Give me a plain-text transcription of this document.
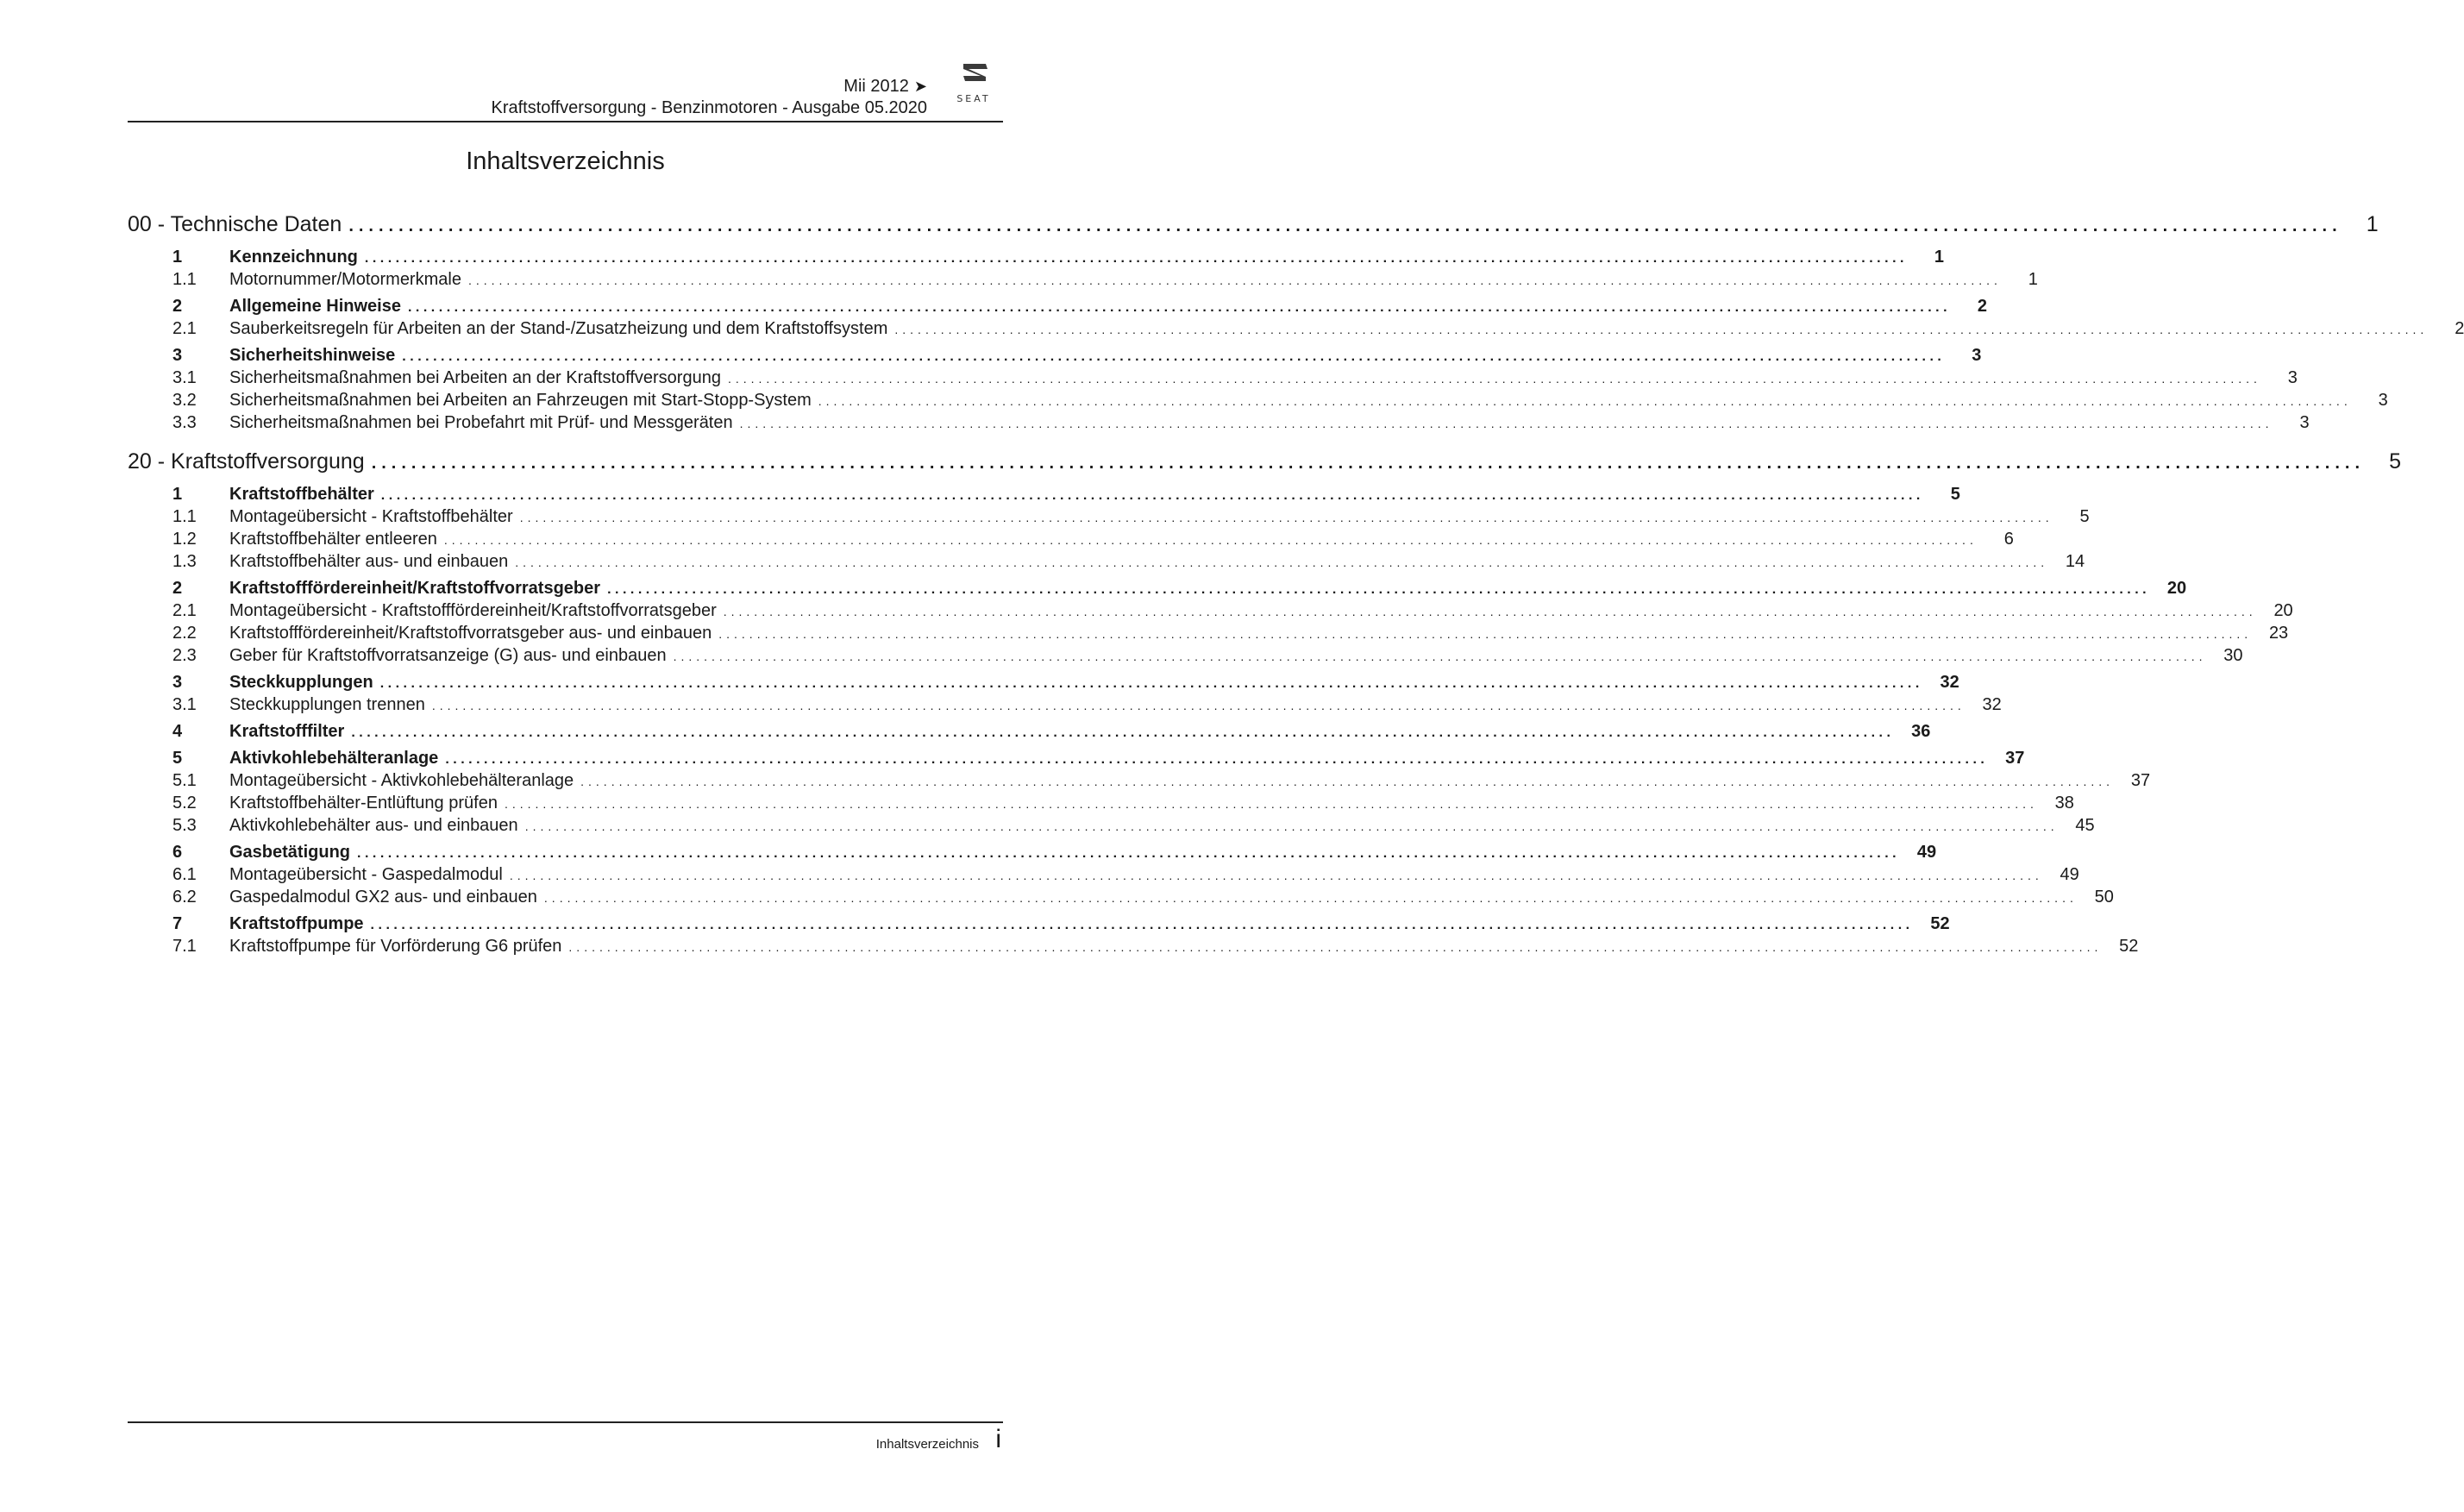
Mii 2012 ➤
Kraftstoffversorgung - Benzinmotoren - Ausgabe 05.2020	SEAT
Inhaltsverzeichnis
00 - Technische Daten ........................................................................................................................................................................................................	1
1	Kennzeichnung ........................................................................................................................................................................................................	1
1.1	Motornummer/Motormerkmale ........................................................................................................................................................................................................	1
2	Allgemeine Hinweise ........................................................................................................................................................................................................	2
2.1	Sauberkeitsregeln für Arbeiten an der Stand-/Zusatzheizung und dem Kraftstoffsystem ........................................................................................................................................................................................................	2
3	Sicherheitshinweise ........................................................................................................................................................................................................	3
3.1	Sicherheitsmaßnahmen bei Arbeiten an der Kraftstoffversorgung ........................................................................................................................................................................................................	3
3.2	Sicherheitsmaßnahmen bei Arbeiten an Fahrzeugen mit Start-Stopp-System ........................................................................................................................................................................................................	3
3.3	Sicherheitsmaßnahmen bei Probefahrt mit Prüf- und Messgeräten ........................................................................................................................................................................................................	3
20 - Kraftstoffversorgung ........................................................................................................................................................................................................	5
1	Kraftstoffbehälter ........................................................................................................................................................................................................	5
1.1	Montageübersicht - Kraftstoffbehälter ........................................................................................................................................................................................................	5
1.2	Kraftstoffbehälter entleeren ........................................................................................................................................................................................................	6
1.3	Kraftstoffbehälter aus- und einbauen ........................................................................................................................................................................................................ 14
2	Kraftstofffördereinheit/Kraftstoffvorratsgeber ........................................................................................................................................................................................................ 20
2.1	Montageübersicht - Kraftstofffördereinheit/Kraftstoffvorratsgeber ........................................................................................................................................................................................................ 20
2.2	Kraftstofffördereinheit/Kraftstoffvorratsgeber aus- und einbauen ........................................................................................................................................................................................................ 23
2.3	Geber für Kraftstoffvorratsanzeige (G) aus- und einbauen ........................................................................................................................................................................................................ 30
3	Steckkupplungen ........................................................................................................................................................................................................ 32
3.1	Steckkupplungen trennen ........................................................................................................................................................................................................ 32
4	Kraftstofffilter ........................................................................................................................................................................................................ 36
5	Aktivkohlebehälteranlage ........................................................................................................................................................................................................ 37
5.1	Montageübersicht - Aktivkohlebehälteranlage ........................................................................................................................................................................................................ 37
5.2	Kraftstoffbehälter-Entlüftung prüfen ........................................................................................................................................................................................................ 38
5.3	Aktivkohlebehälter aus- und einbauen ........................................................................................................................................................................................................ 45
6	Gasbetätigung ........................................................................................................................................................................................................ 49
6.1	Montageübersicht - Gaspedalmodul ........................................................................................................................................................................................................ 49
6.2	Gaspedalmodul GX2 aus- und einbauen ........................................................................................................................................................................................................ 50
7	Kraftstoffpumpe ........................................................................................................................................................................................................ 52
7.1	Kraftstoffpumpe für Vorförderung G6 prüfen ........................................................................................................................................................................................................ 52
Inhaltsverzeichnis i
